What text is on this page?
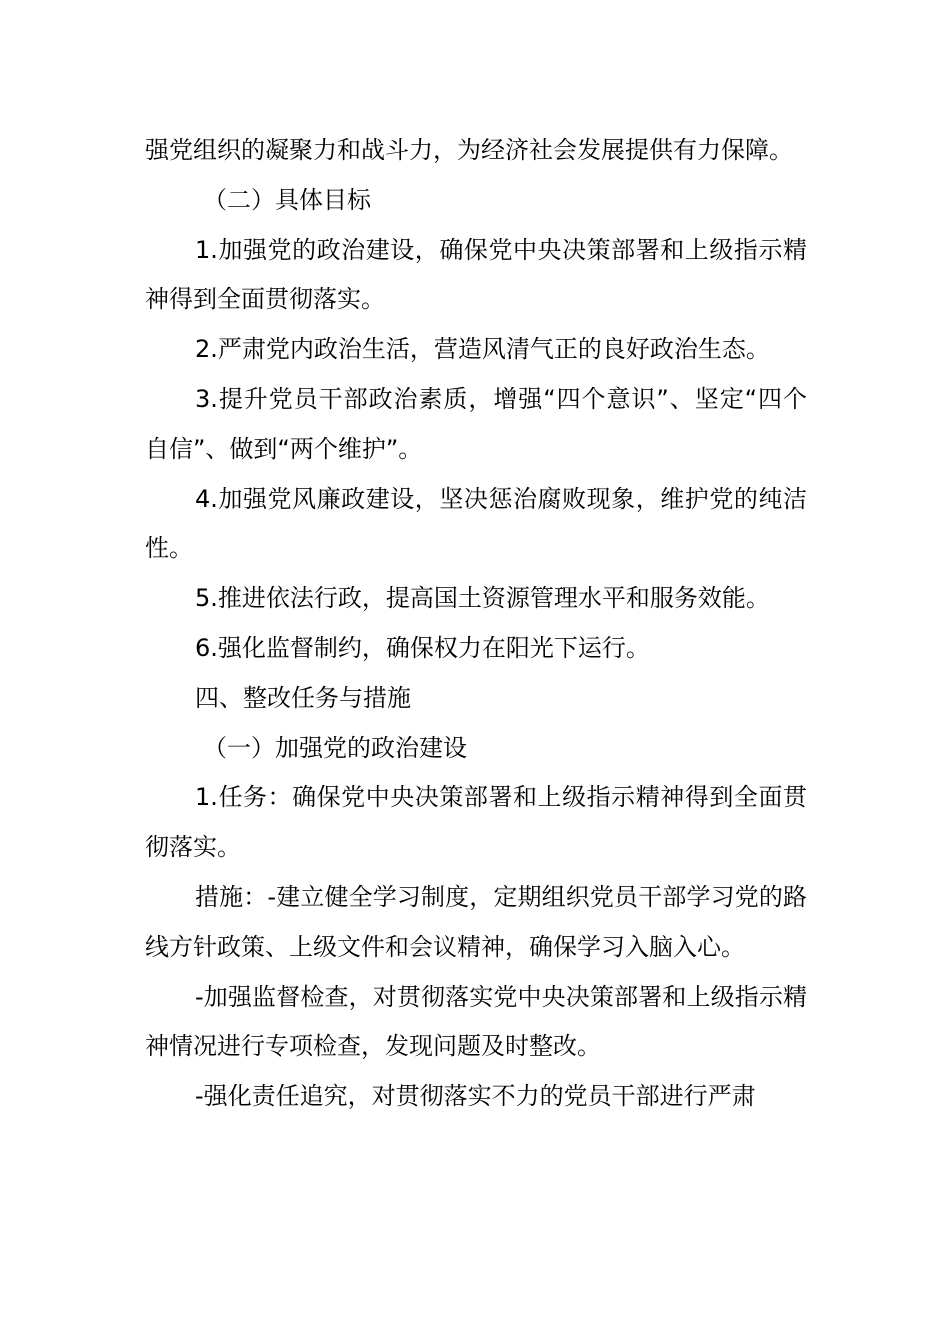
强党组织的凝聚力和战斗力，为经济社会发展提供有力保障。

（二）具体目标

1.加强党的政治建设，确保党中央决策部署和上级指示精神得到全面贯彻落实。

2.严肃党内政治生活，营造风清气正的良好政治生态。

3.提升党员干部政治素质，增强“四个意识”、坚定“四个自信”、做到“两个维护”。

4.加强党风廉政建设，坚决惩治腐败现象，维护党的纯洁性。

5.推进依法行政，提高国土资源管理水平和服务效能。

6.强化监督制约，确保权力在阳光下运行。

四、整改任务与措施

（一）加强党的政治建设

1.任务：确保党中央决策部署和上级指示精神得到全面贯彻落实。

措施：-建立健全学习制度，定期组织党员干部学习党的路线方针政策、上级文件和会议精神，确保学习入脑入心。

-加强监督检查，对贯彻落实党中央决策部署和上级指示精神情况进行专项检查，发现问题及时整改。

-强化责任追究，对贯彻落实不力的党员干部进行严肃
